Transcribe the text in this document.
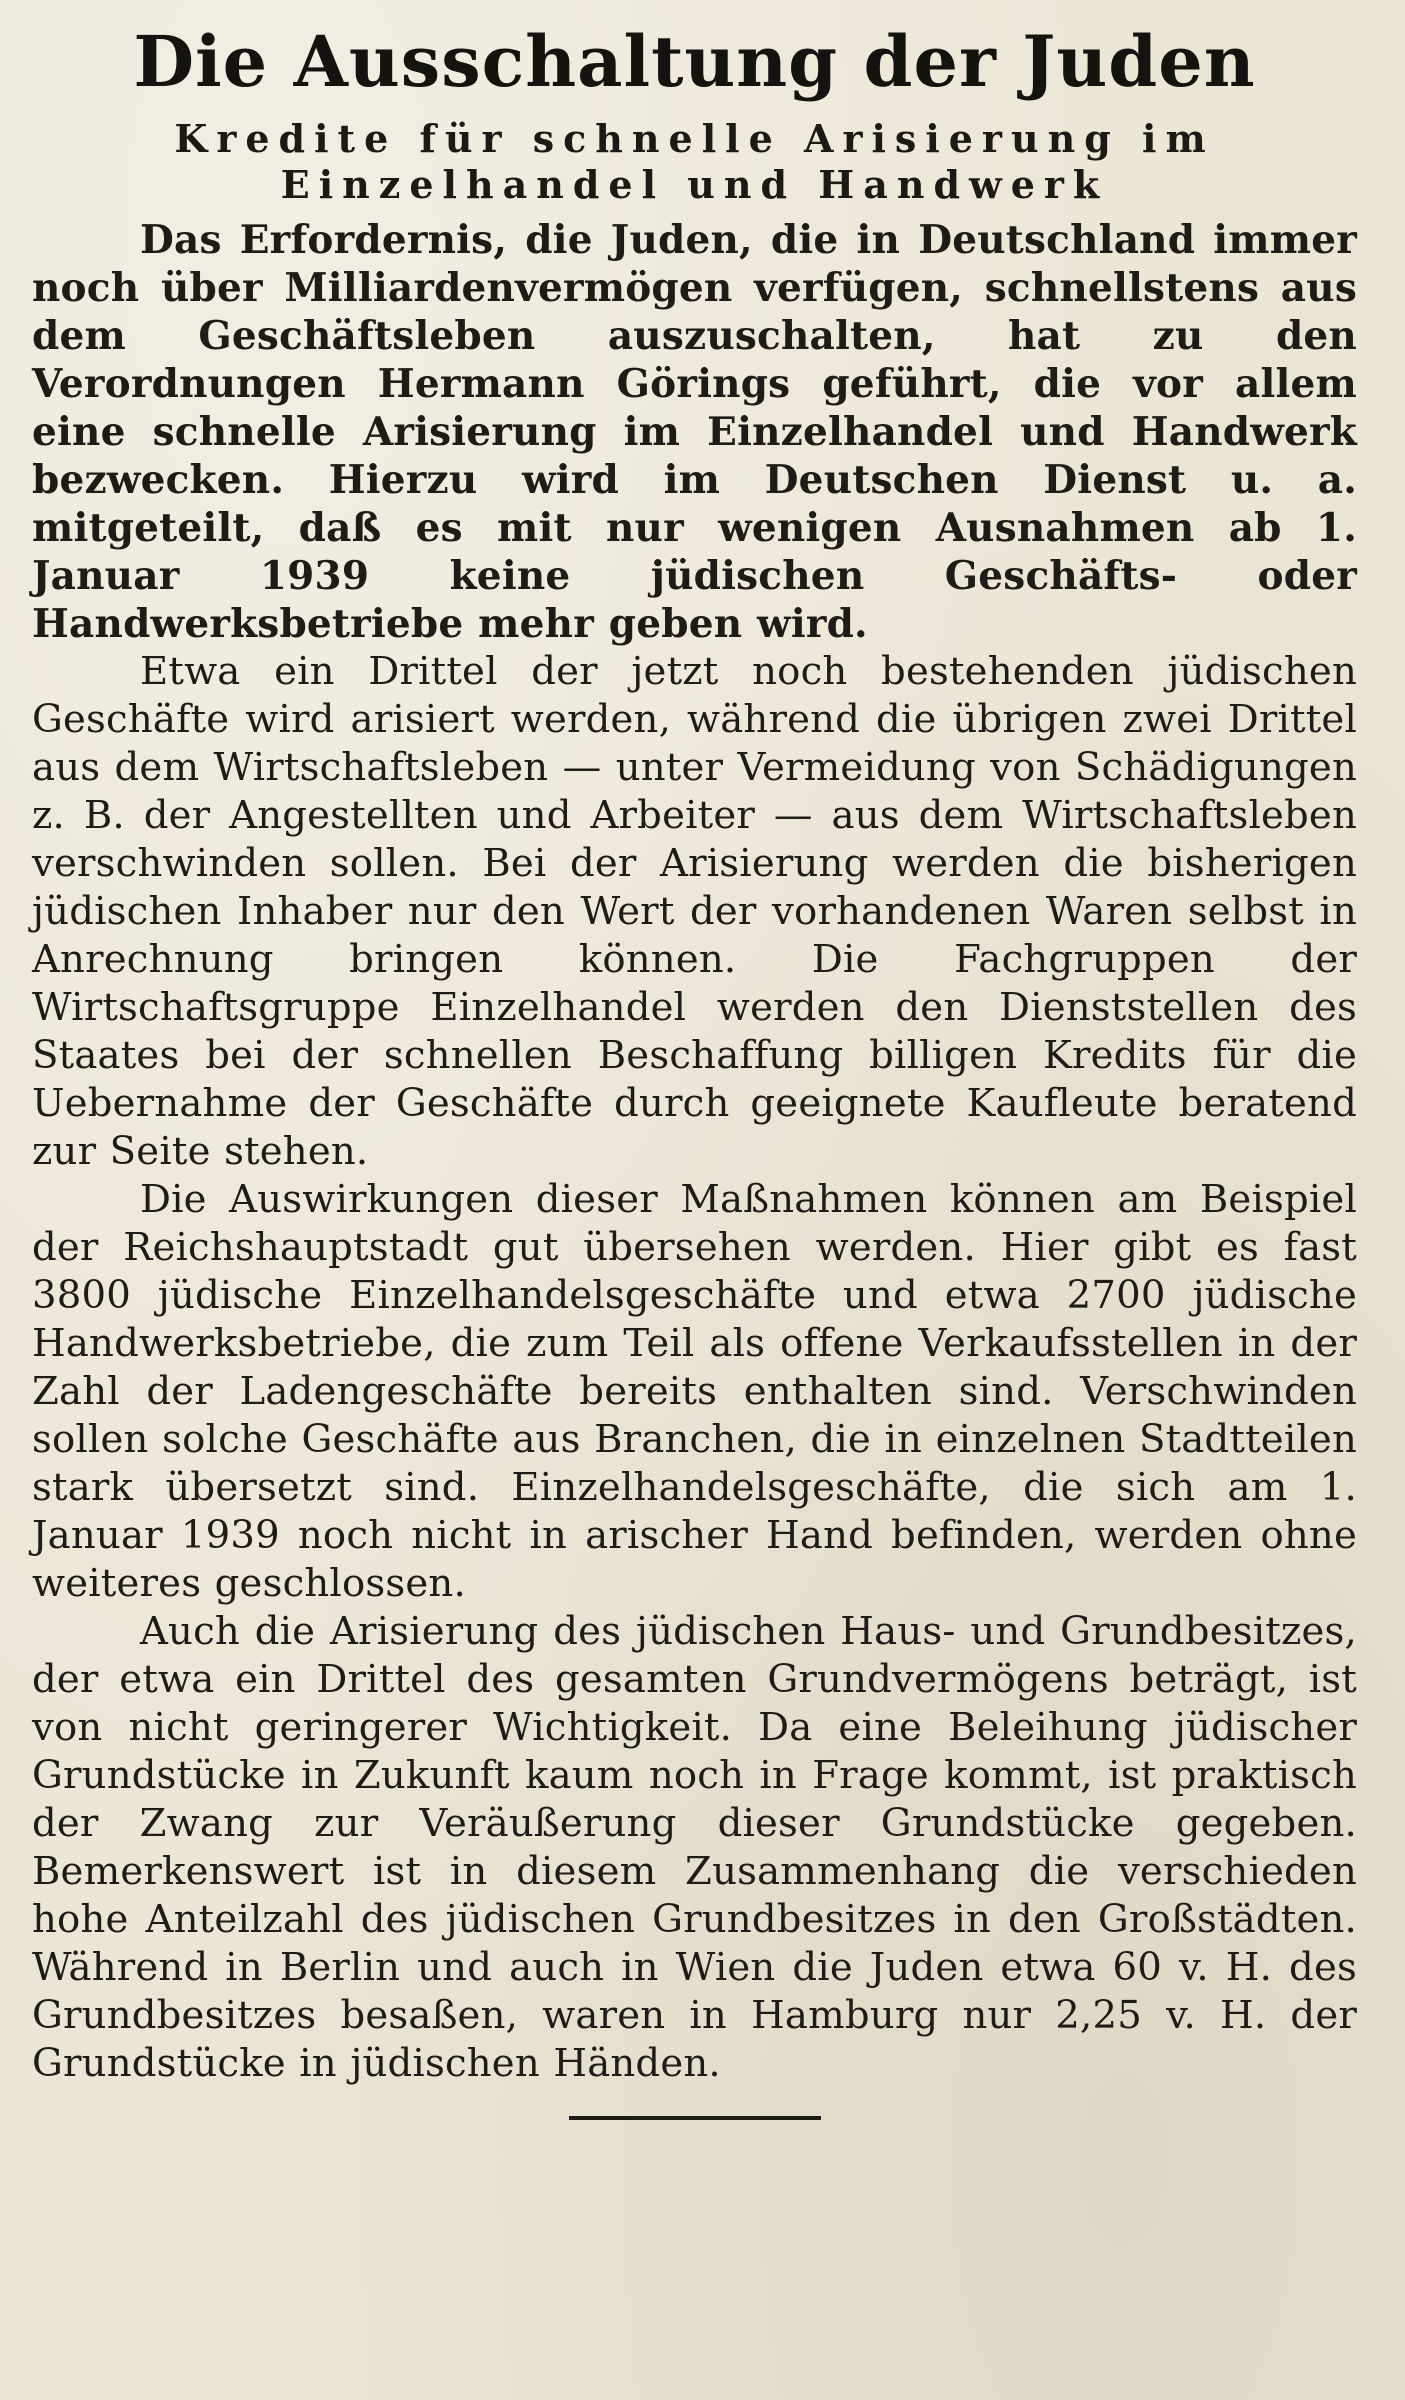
Die Ausschaltung der Juden
Kredite für schnelle Arisierung im Einzelhandel und Handwerk

Das Erfordernis, die Juden, die in Deutschland immer noch über Milliardenvermögen verfügen, schnellstens aus dem Geschäftsleben auszuschalten, hat zu den Verordnungen Hermann Görings geführt, die vor allem eine schnelle Arisierung im Einzelhandel und Handwerk bezwecken. Hierzu wird im Deutschen Dienst u. a. mitgeteilt, daß es mit nur wenigen Ausnahmen ab 1. Januar 1939 keine jüdischen Geschäfts- oder Handwerksbetriebe mehr geben wird.

Etwa ein Drittel der jetzt noch bestehenden jüdischen Geschäfte wird arisiert werden, während die übrigen zwei Drittel aus dem Wirtschaftsleben — unter Vermeidung von Schädigungen z. B. der Angestellten und Arbeiter — aus dem Wirtschaftsleben verschwinden sollen. Bei der Arisierung werden die bisherigen jüdischen Inhaber nur den Wert der vorhandenen Waren selbst in Anrechnung bringen können. Die Fachgruppen der Wirtschaftsgruppe Einzelhandel werden den Dienststellen des Staates bei der schnellen Beschaffung billigen Kredits für die Uebernahme der Geschäfte durch geeignete Kaufleute beratend zur Seite stehen.

Die Auswirkungen dieser Maßnahmen können am Beispiel der Reichshauptstadt gut übersehen werden. Hier gibt es fast 3800 jüdische Einzelhandelsgeschäfte und etwa 2700 jüdische Handwerksbetriebe, die zum Teil als offene Verkaufsstellen in der Zahl der Ladengeschäfte bereits enthalten sind. Verschwinden sollen solche Geschäfte aus Branchen, die in einzelnen Stadtteilen stark übersetzt sind. Einzelhandelsgeschäfte, die sich am 1. Januar 1939 noch nicht in arischer Hand befinden, werden ohne weiteres geschlossen.

Auch die Arisierung des jüdischen Haus- und Grundbesitzes, der etwa ein Drittel des gesamten Grundvermögens beträgt, ist von nicht geringerer Wichtigkeit. Da eine Beleihung jüdischer Grundstücke in Zukunft kaum noch in Frage kommt, ist praktisch der Zwang zur Veräußerung dieser Grundstücke gegeben. Bemerkenswert ist in diesem Zusammenhang die verschieden hohe Anteilzahl des jüdischen Grundbesitzes in den Großstädten. Während in Berlin und auch in Wien die Juden etwa 60 v. H. des Grundbesitzes besaßen, waren in Hamburg nur 2,25 v. H. der Grundstücke in jüdischen Händen.
